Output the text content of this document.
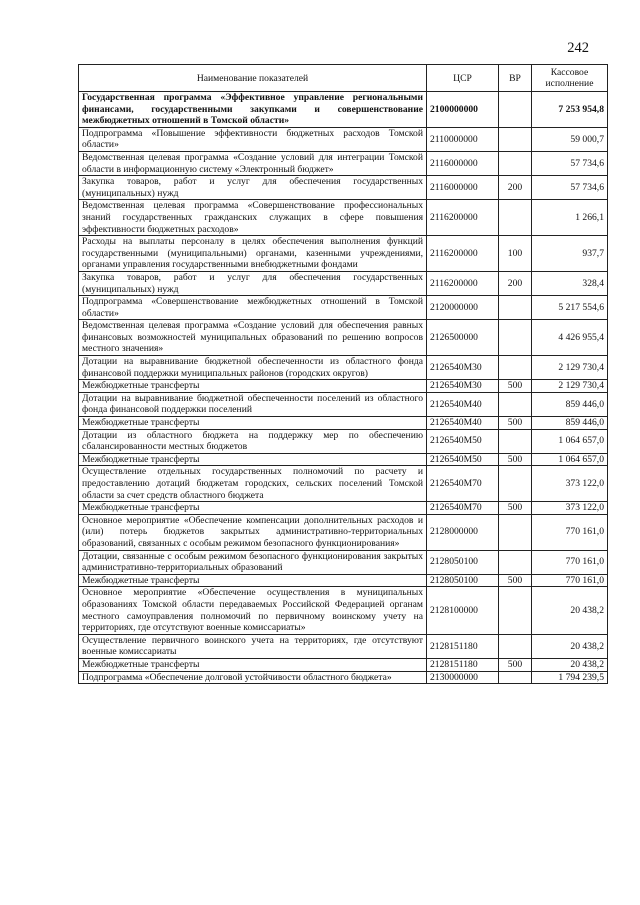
242
Наименование показателей	ЦСР	ВР	Кассовое исполнение
Государственная программа «Эффективное управление региональными финансами, государственными закупками и совершенствование межбюджетных отношений в Томской области»	2100000000		7 253 954,8
Подпрограмма «Повышение эффективности бюджетных расходов Томской области»	2110000000		59 000,7
Ведомственная целевая программа «Создание условий для интеграции Томской области в информационную систему «Электронный бюджет»	2116000000		57 734,6
Закупка товаров, работ и услуг для обеспечения государственных (муниципальных) нужд	2116000000	200	57 734,6
Ведомственная целевая программа «Совершенствование профессиональных знаний государственных гражданских служащих в сфере повышения эффективности бюджетных расходов»	2116200000		1 266,1
Расходы на выплаты персоналу в целях обеспечения выполнения функций государственными (муниципальными) органами, казенными учреждениями, органами управления государственными внебюджетными фондами	2116200000	100	937,7
Закупка товаров, работ и услуг для обеспечения государственных (муниципальных) нужд	2116200000	200	328,4
Подпрограмма «Совершенствование межбюджетных отношений в Томской области»	2120000000		5 217 554,6
Ведомственная целевая программа «Создание условий для обеспечения равных финансовых возможностей муниципальных образований по решению вопросов местного значения»	2126500000		4 426 955,4
Дотации на выравнивание бюджетной обеспеченности из областного фонда финансовой поддержки муниципальных районов (городских округов)	2126540М30		2 129 730,4
Межбюджетные трансферты	2126540М30	500	2 129 730,4
Дотации на выравнивание бюджетной обеспеченности поселений из областного фонда финансовой поддержки поселений	2126540М40		859 446,0
Межбюджетные трансферты	2126540М40	500	859 446,0
Дотации из областного бюджета на поддержку мер по обеспечению сбалансированности местных бюджетов	2126540М50		1 064 657,0
Межбюджетные трансферты	2126540М50	500	1 064 657,0
Осуществление отдельных государственных полномочий по расчету и предоставлению дотаций бюджетам городских, сельских поселений Томской области за счет средств областного бюджета	2126540М70		373 122,0
Межбюджетные трансферты	2126540М70	500	373 122,0
Основное мероприятие «Обеспечение компенсации дополнительных расходов и (или) потерь бюджетов закрытых административно-территориальных образований, связанных с особым режимом безопасного функционирования»	2128000000		770 161,0
Дотации, связанные с особым режимом безопасного функционирования закрытых административно-территориальных образований	2128050100		770 161,0
Межбюджетные трансферты	2128050100	500	770 161,0
Основное мероприятие «Обеспечение осуществления в муниципальных образованиях Томской области передаваемых Российской Федерацией органам местного самоуправления полномочий по первичному воинскому учету на территориях, где отсутствуют военные комиссариаты»	2128100000		20 438,2
Осуществление первичного воинского учета на территориях, где отсутствуют военные комиссариаты	2128151180		20 438,2
Межбюджетные трансферты	2128151180	500	20 438,2
Подпрограмма «Обеспечение долговой устойчивости областного бюджета»	2130000000		1 794 239,5
